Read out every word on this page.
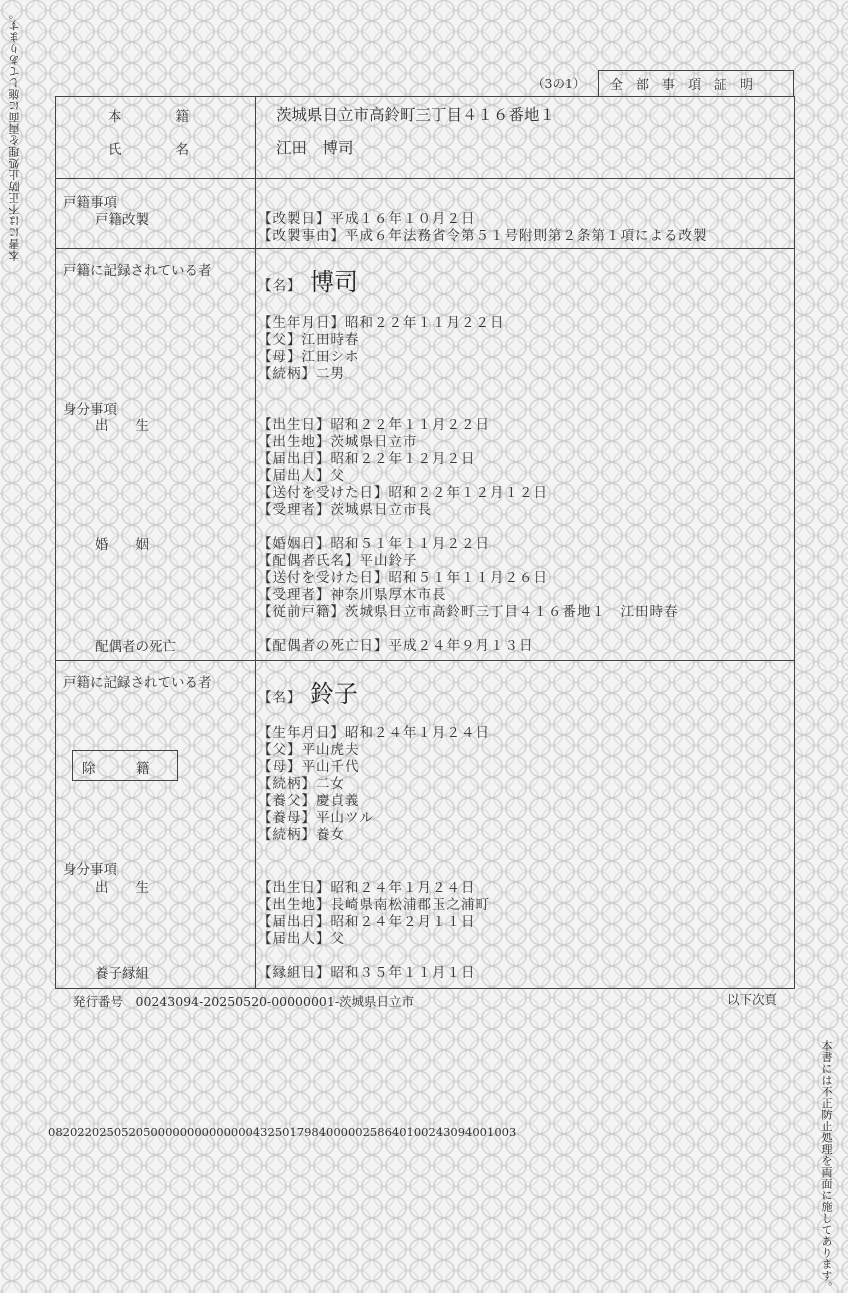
本書には不正防止処理を両面に施してあります。
本書には不正防止処理を両面に施してあります。
（3の1） 全　部　事　項　証　明
本　　　　籍	茨城県日立市高鈴町三丁目４１６番地１
氏　　　　名	江田　博司
戸籍事項
戸籍改製	【改製日】平成１６年１０月２日
【改製事由】平成６年法務省令第５１号附則第２条第１項による改製
戸籍に記録されている者
【名】 博司
【生年月日】昭和２２年１１月２２日
【父】江田時春
【母】江田シホ
【続柄】二男
身分事項
出　　生	【出生日】昭和２２年１１月２２日
【出生地】茨城県日立市
【届出日】昭和２２年１２月２日
【届出人】父
【送付を受けた日】昭和２２年１２月１２日
【受理者】茨城県日立市長
婚　　姻	【婚姻日】昭和５１年１１月２２日
【配偶者氏名】平山鈴子
【送付を受けた日】昭和５１年１１月２６日
【受理者】神奈川県厚木市長
【従前戸籍】茨城県日立市高鈴町三丁目４１６番地１　江田時春
配偶者の死亡	【配偶者の死亡日】平成２４年９月１３日
戸籍に記録されている者
【名】 鈴子
除　　　籍
【生年月日】昭和２４年１月２４日
【父】平山虎夫
【母】平山千代
【続柄】二女
【養父】慶貞義
【養母】平山ツル
【続柄】養女
身分事項
出　　生	【出生日】昭和２４年１月２４日
【出生地】長崎県南松浦郡玉之浦町
【届出日】昭和２４年２月１１日
【届出人】父
養子縁組	【縁組日】昭和３５年１１月１日
発行番号　00243094-20250520-00000001-茨城県日立市	以下次頁
0820220250520500000000000000432501798400000258640100243094001003
